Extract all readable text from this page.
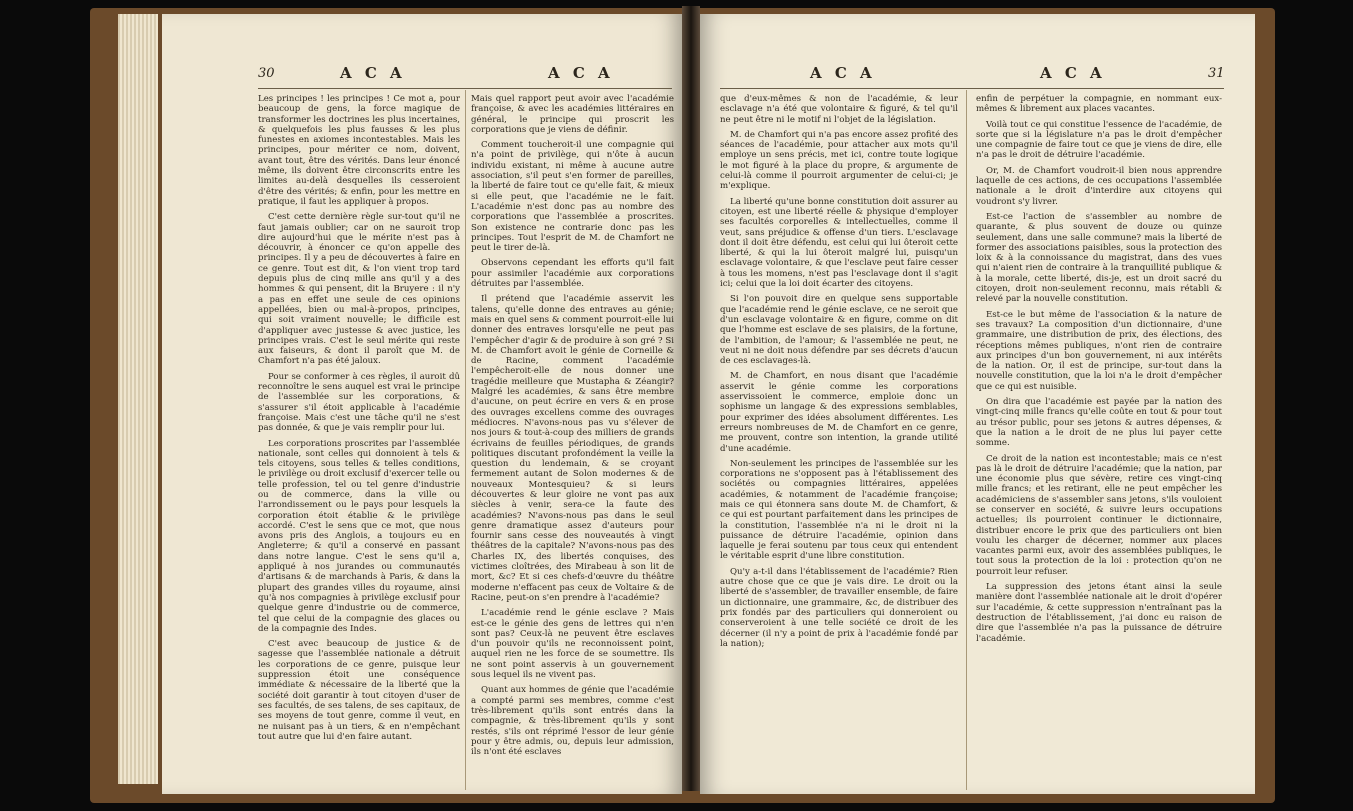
30	A C A	A C A

Les principes ! les principes ! Ce mot a, pour beaucoup de gens, la force magique de transformer les doctrines les plus incertaines, & quelquefois les plus fausses & les plus funestes en axiomes incontestables. Mais les principes, pour mériter ce nom, doivent, avant tout, être des vérités. Dans leur énoncé même, ils doivent être circonscrits entre les limites au-delà desquelles ils cesseroient d'être des vérités; & enfin, pour les mettre en pratique, il faut les appliquer à propos.

C'est cette dernière règle sur-tout qu'il ne faut jamais oublier; car on ne sauroit trop dire aujourd'hui que le mérite n'est pas à découvrir, à énoncer ce qu'on appelle des principes. Il y a peu de découvertes à faire en ce genre. Tout est dit, & l'on vient trop tard depuis plus de cinq mille ans qu'il y a des hommes & qui pensent, dit la Bruyere : il n'y a pas en effet une seule de ces opinions appellées, bien ou mal-à-propos, principes, qui soit vraiment nouvelle; le difficile est d'appliquer avec justesse & avec justice, les principes vrais. C'est le seul mérite qui reste aux faiseurs, & dont il paroît que M. de Chamfort n'a pas été jaloux.

Pour se conformer à ces règles, il auroit dû reconnoître le sens auquel est vrai le principe de l'assemblée sur les corporations, & s'assurer s'il étoit applicable à l'académie françoise. Mais c'est une tâche qu'il ne s'est pas donnée, & que je vais remplir pour lui.

Les corporations proscrites par l'assemblée nationale, sont celles qui donnoient à tels & tels citoyens, sous telles & telles conditions, le privilège ou droit exclusif d'exercer telle ou telle profession, tel ou tel genre d'industrie ou de commerce, dans la ville ou l'arrondissement ou le pays pour lesquels la corporation étoit établie & le privilège accordé. C'est le sens que ce mot, que nous avons pris des Anglois, a toujours eu en Angleterre; & qu'il a conservé en passant dans notre langue. C'est le sens qu'il a, appliqué à nos jurandes ou communautés d'artisans & de marchands à Paris, & dans la plupart des grandes villes du royaume, ainsi qu'à nos compagnies à privilège exclusif pour quelque genre d'industrie ou de commerce, tel que celui de la compagnie des glaces ou de la compagnie des Indes.

C'est avec beaucoup de justice & de sagesse que l'assemblée nationale a détruit les corporations de ce genre, puisque leur suppression étoit une conséquence immédiate & nécessaire de la liberté que la société doit garantir à tout citoyen d'user de ses facultés, de ses talens, de ses capitaux, de ses moyens de tout genre, comme il veut, en ne nuisant pas à un tiers, & en n'empêchant tout autre que lui d'en faire autant.

Mais quel rapport peut avoir avec l'académie françoise, & avec les académies littéraires en général, le principe qui proscrit les corporations que je viens de définir.

Comment toucheroit-il une compagnie qui n'a point de privilège, qui n'ôte à aucun individu existant, ni même à aucune autre association, s'il peut s'en former de pareilles, la liberté de faire tout ce qu'elle fait, & mieux si elle peut, que l'académie ne le fait. L'académie n'est donc pas au nombre des corporations que l'assemblée a proscrites. Son existence ne contrarie donc pas les principes. Tout l'esprit de M. de Chamfort ne peut le tirer de-là.

Observons cependant les efforts qu'il fait pour assimiler l'académie aux corporations détruites par l'assemblée.

Il prétend que l'académie asservit les talens, qu'elle donne des entraves au génie; mais en quel sens & comment pourroit-elle lui donner des entraves lorsqu'elle ne peut pas l'empêcher d'agir & de produire à son gré ? Si M. de Chamfort avoit le génie de Corneille & de Racine, comment l'académie l'empêcheroit-elle de nous donner une tragédie meilleure que Mustapha & Zéangir? Malgré les académies, & sans être membre d'aucune, on peut écrire en vers & en prose des ouvrages excellens comme des ouvrages médiocres. N'avons-nous pas vu s'élever de nos jours & tout-à-coup des milliers de grands écrivains de feuilles périodiques, de grands politiques discutant profondément la veille la question du lendemain, & se croyant fermement autant de Solon modernes & de nouveaux Montesquieu? & si leurs découvertes & leur gloire ne vont pas aux siècles à venir, sera-ce la faute des académies? N'avons-nous pas dans le seul genre dramatique assez d'auteurs pour fournir sans cesse des nouveautés à vingt théâtres de la capitale? N'avons-nous pas des Charles IX, des libertés conquises, des victimes cloîtrées, des Mirabeau à son lit de mort, &c? Et si ces chefs-d'œuvre du théâtre moderne n'effacent pas ceux de Voltaire & de Racine, peut-on s'en prendre à l'académie?

L'académie rend le génie esclave ? Mais est-ce le génie des gens de lettres qui n'en sont pas? Ceux-là ne peuvent être esclaves d'un pouvoir qu'ils ne reconnoissent point, auquel rien ne les force de se soumettre. Ils ne sont point asservis à un gouvernement sous lequel ils ne vivent pas.

Quant aux hommes de génie que l'académie a compté parmi ses membres, comme c'est très-librement qu'ils sont entrés dans la compagnie, & très-librement qu'ils y sont restés, s'ils ont réprimé l'essor de leur génie pour y être admis, ou, depuis leur admission, ils n'ont été esclaves

A C A	A C A	31

que d'eux-mêmes & non de l'académie, & leur esclavage n'a été que volontaire & figuré, & tel qu'il ne peut être ni le motif ni l'objet de la législation.

M. de Chamfort qui n'a pas encore assez profité des séances de l'académie, pour attacher aux mots qu'il employe un sens précis, met ici, contre toute logique le mot figuré à la place du propre, & argumente de celui-là comme il pourroit argumenter de celui-ci; je m'explique.

La liberté qu'une bonne constitution doit assurer au citoyen, est une liberté réelle & physique d'employer ses facultés corporelles & intellectuelles, comme il veut, sans préjudice & offense d'un tiers. L'esclavage dont il doit être défendu, est celui qui lui ôteroit cette liberté, & qui la lui ôteroit malgré lui, puisqu'un esclavage volontaire, & que l'esclave peut faire cesser à tous les momens, n'est pas l'esclavage dont il s'agit ici; celui que la loi doit écarter des citoyens.

Si l'on pouvoit dire en quelque sens supportable que l'académie rend le génie esclave, ce ne seroit que d'un esclavage volontaire & en figure, comme on dit que l'homme est esclave de ses plaisirs, de la fortune, de l'ambition, de l'amour; & l'assemblée ne peut, ne veut ni ne doit nous défendre par ses décrets d'aucun de ces esclavages-là.

M. de Chamfort, en nous disant que l'académie asservit le génie comme les corporations asservissoient le commerce, emploie donc un sophisme un langage & des expressions semblables, pour exprimer des idées absolument différentes. Les erreurs nombreuses de M. de Chamfort en ce genre, me prouvent, contre son intention, la grande utilité d'une académie.

Non-seulement les principes de l'assemblée sur les corporations ne s'opposent pas à l'établissement des sociétés ou compagnies littéraires, appelées académies, & notamment de l'académie françoise; mais ce qui étonnera sans doute M. de Chamfort, & ce qui est pourtant parfaitement dans les principes de la constitution, l'assemblée n'a ni le droit ni la puissance de détruire l'académie, opinion dans laquelle je ferai soutenu par tous ceux qui entendent le véritable esprit d'une libre constitution.

Qu'y a-t-il dans l'établissement de l'académie? Rien autre chose que ce que je vais dire. Le droit ou la liberté de s'assembler, de travailler ensemble, de faire un dictionnaire, une grammaire, &c, de distribuer des prix fondés par des particuliers qui donneroient ou conserveroient à une telle société ce droit de les décerner (il n'y a point de prix à l'académie fondé par la nation);

enfin de perpétuer la compagnie, en nommant eux-mêmes & librement aux places vacantes.

Voilà tout ce qui constitue l'essence de l'académie, de sorte que si la législature n'a pas le droit d'empêcher une compagnie de faire tout ce que je viens de dire, elle n'a pas le droit de détruire l'académie.

Or, M. de Chamfort voudroit-il bien nous apprendre laquelle de ces actions, de ces occupations l'assemblée nationale a le droit d'interdire aux citoyens qui voudront s'y livrer.

Est-ce l'action de s'assembler au nombre de quarante, & plus souvent de douze ou quinze seulement, dans une salle commune? mais la liberté de former des associations paisibles, sous la protection des loix & à la connoissance du magistrat, dans des vues qui n'aient rien de contraire à la tranquillité publique & à la morale, cette liberté, dis-je, est un droit sacré du citoyen, droit non-seulement reconnu, mais rétabli & relevé par la nouvelle constitution.

Est-ce le but même de l'association & la nature de ses travaux? La composition d'un dictionnaire, d'une grammaire, une distribution de prix, des élections, des réceptions mêmes publiques, n'ont rien de contraire aux principes d'un bon gouvernement, ni aux intérêts de la nation. Or, il est de principe, sur-tout dans la nouvelle constitution, que la loi n'a le droit d'empêcher que ce qui est nuisible.

On dira que l'académie est payée par la nation des vingt-cinq mille francs qu'elle coûte en tout & pour tout au trésor public, pour ses jetons & autres dépenses, & que la nation a le droit de ne plus lui payer cette somme.

Ce droit de la nation est incontestable; mais ce n'est pas là le droit de détruire l'académie; que la nation, par une économie plus que sévère, retire ces vingt-cinq mille francs; et les retirant, elle ne peut empêcher les académiciens de s'assembler sans jetons, s'ils vouloient se conserver en société, & suivre leurs occupations actuelles; ils pourroient continuer le dictionnaire, distribuer encore le prix que des particuliers ont bien voulu les charger de décerner, nommer aux places vacantes parmi eux, avoir des assemblées publiques, le tout sous la protection de la loi : protection qu'on ne pourroit leur refuser.

La suppression des jetons étant ainsi la seule manière dont l'assemblée nationale ait le droit d'opérer sur l'académie, & cette suppression n'entraînant pas la destruction de l'établissement, j'ai donc eu raison de dire que l'assemblée n'a pas la puissance de détruire l'académie.
